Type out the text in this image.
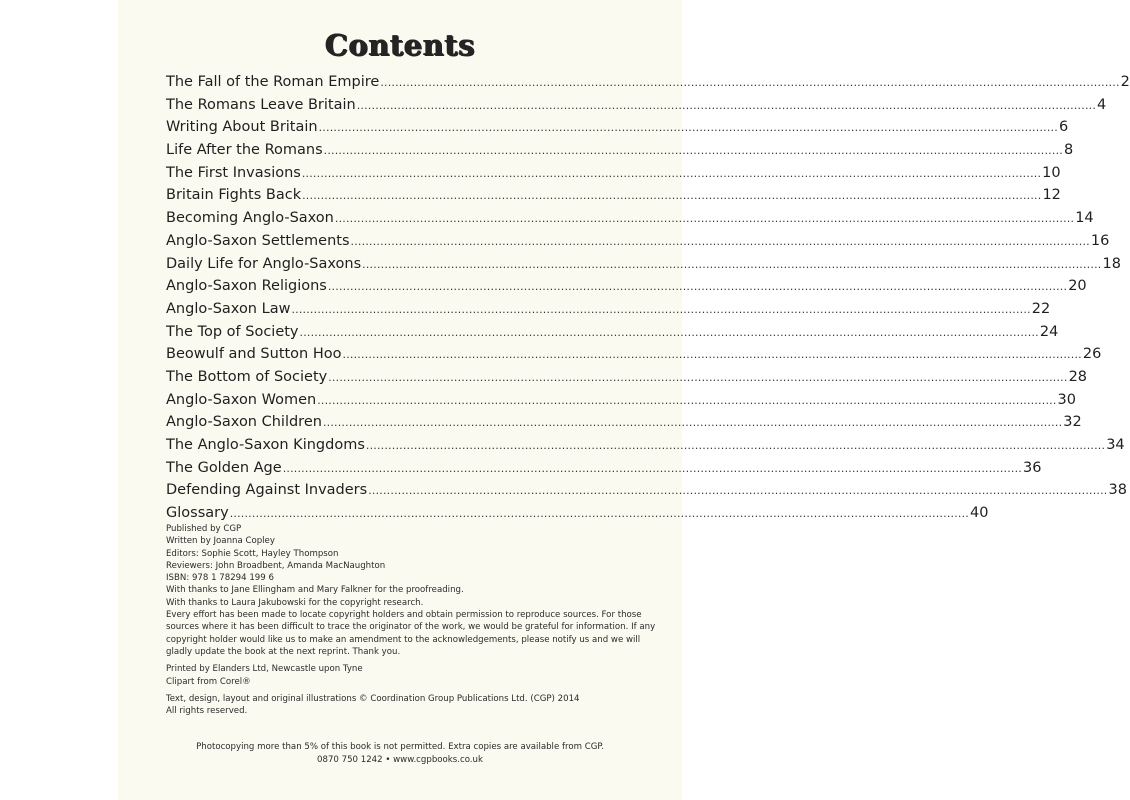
Contents
The Fall of the Roman Empire ........................................................................................................................................................................................................ 2
The Romans Leave Britain ........................................................................................................................................................................................................ 4
Writing About Britain ........................................................................................................................................................................................................ 6
Life After the Romans ........................................................................................................................................................................................................ 8
The First Invasions ........................................................................................................................................................................................................ 10
Britain Fights Back ........................................................................................................................................................................................................ 12
Becoming Anglo-Saxon ........................................................................................................................................................................................................ 14
Anglo-Saxon Settlements ........................................................................................................................................................................................................ 16
Daily Life for Anglo-Saxons ........................................................................................................................................................................................................ 18
Anglo-Saxon Religions ........................................................................................................................................................................................................ 20
Anglo-Saxon Law ........................................................................................................................................................................................................ 22
The Top of Society ........................................................................................................................................................................................................ 24
Beowulf and Sutton Hoo ........................................................................................................................................................................................................ 26
The Bottom of Society ........................................................................................................................................................................................................ 28
Anglo-Saxon Women ........................................................................................................................................................................................................ 30
Anglo-Saxon Children ........................................................................................................................................................................................................ 32
The Anglo-Saxon Kingdoms ........................................................................................................................................................................................................ 34
The Golden Age ........................................................................................................................................................................................................ 36
Defending Against Invaders ........................................................................................................................................................................................................ 38
Glossary ........................................................................................................................................................................................................ 40

Published by CGP

Written by Joanna Copley

Editors: Sophie Scott, Hayley Thompson

Reviewers: John Broadbent, Amanda MacNaughton

ISBN: 978 1 78294 199 6

With thanks to Jane Ellingham and Mary Falkner for the proofreading.

With thanks to Laura Jakubowski for the copyright research.

Every effort has been made to locate copyright holders and obtain permission to reproduce sources. For those sources where it has been difficult to trace the originator of the work, we would be grateful for information. If any copyright holder would like us to make an amendment to the acknowledgements, please notify us and we will gladly update the book at the next reprint. Thank you.

Printed by Elanders Ltd, Newcastle upon Tyne

Clipart from Corel®

Text, design, layout and original illustrations © Coordination Group Publications Ltd. (CGP) 2014

All rights reserved.

Photocopying more than 5% of this book is not permitted. Extra copies are available from CGP.

0870 750 1242 • www.cgpbooks.co.uk
